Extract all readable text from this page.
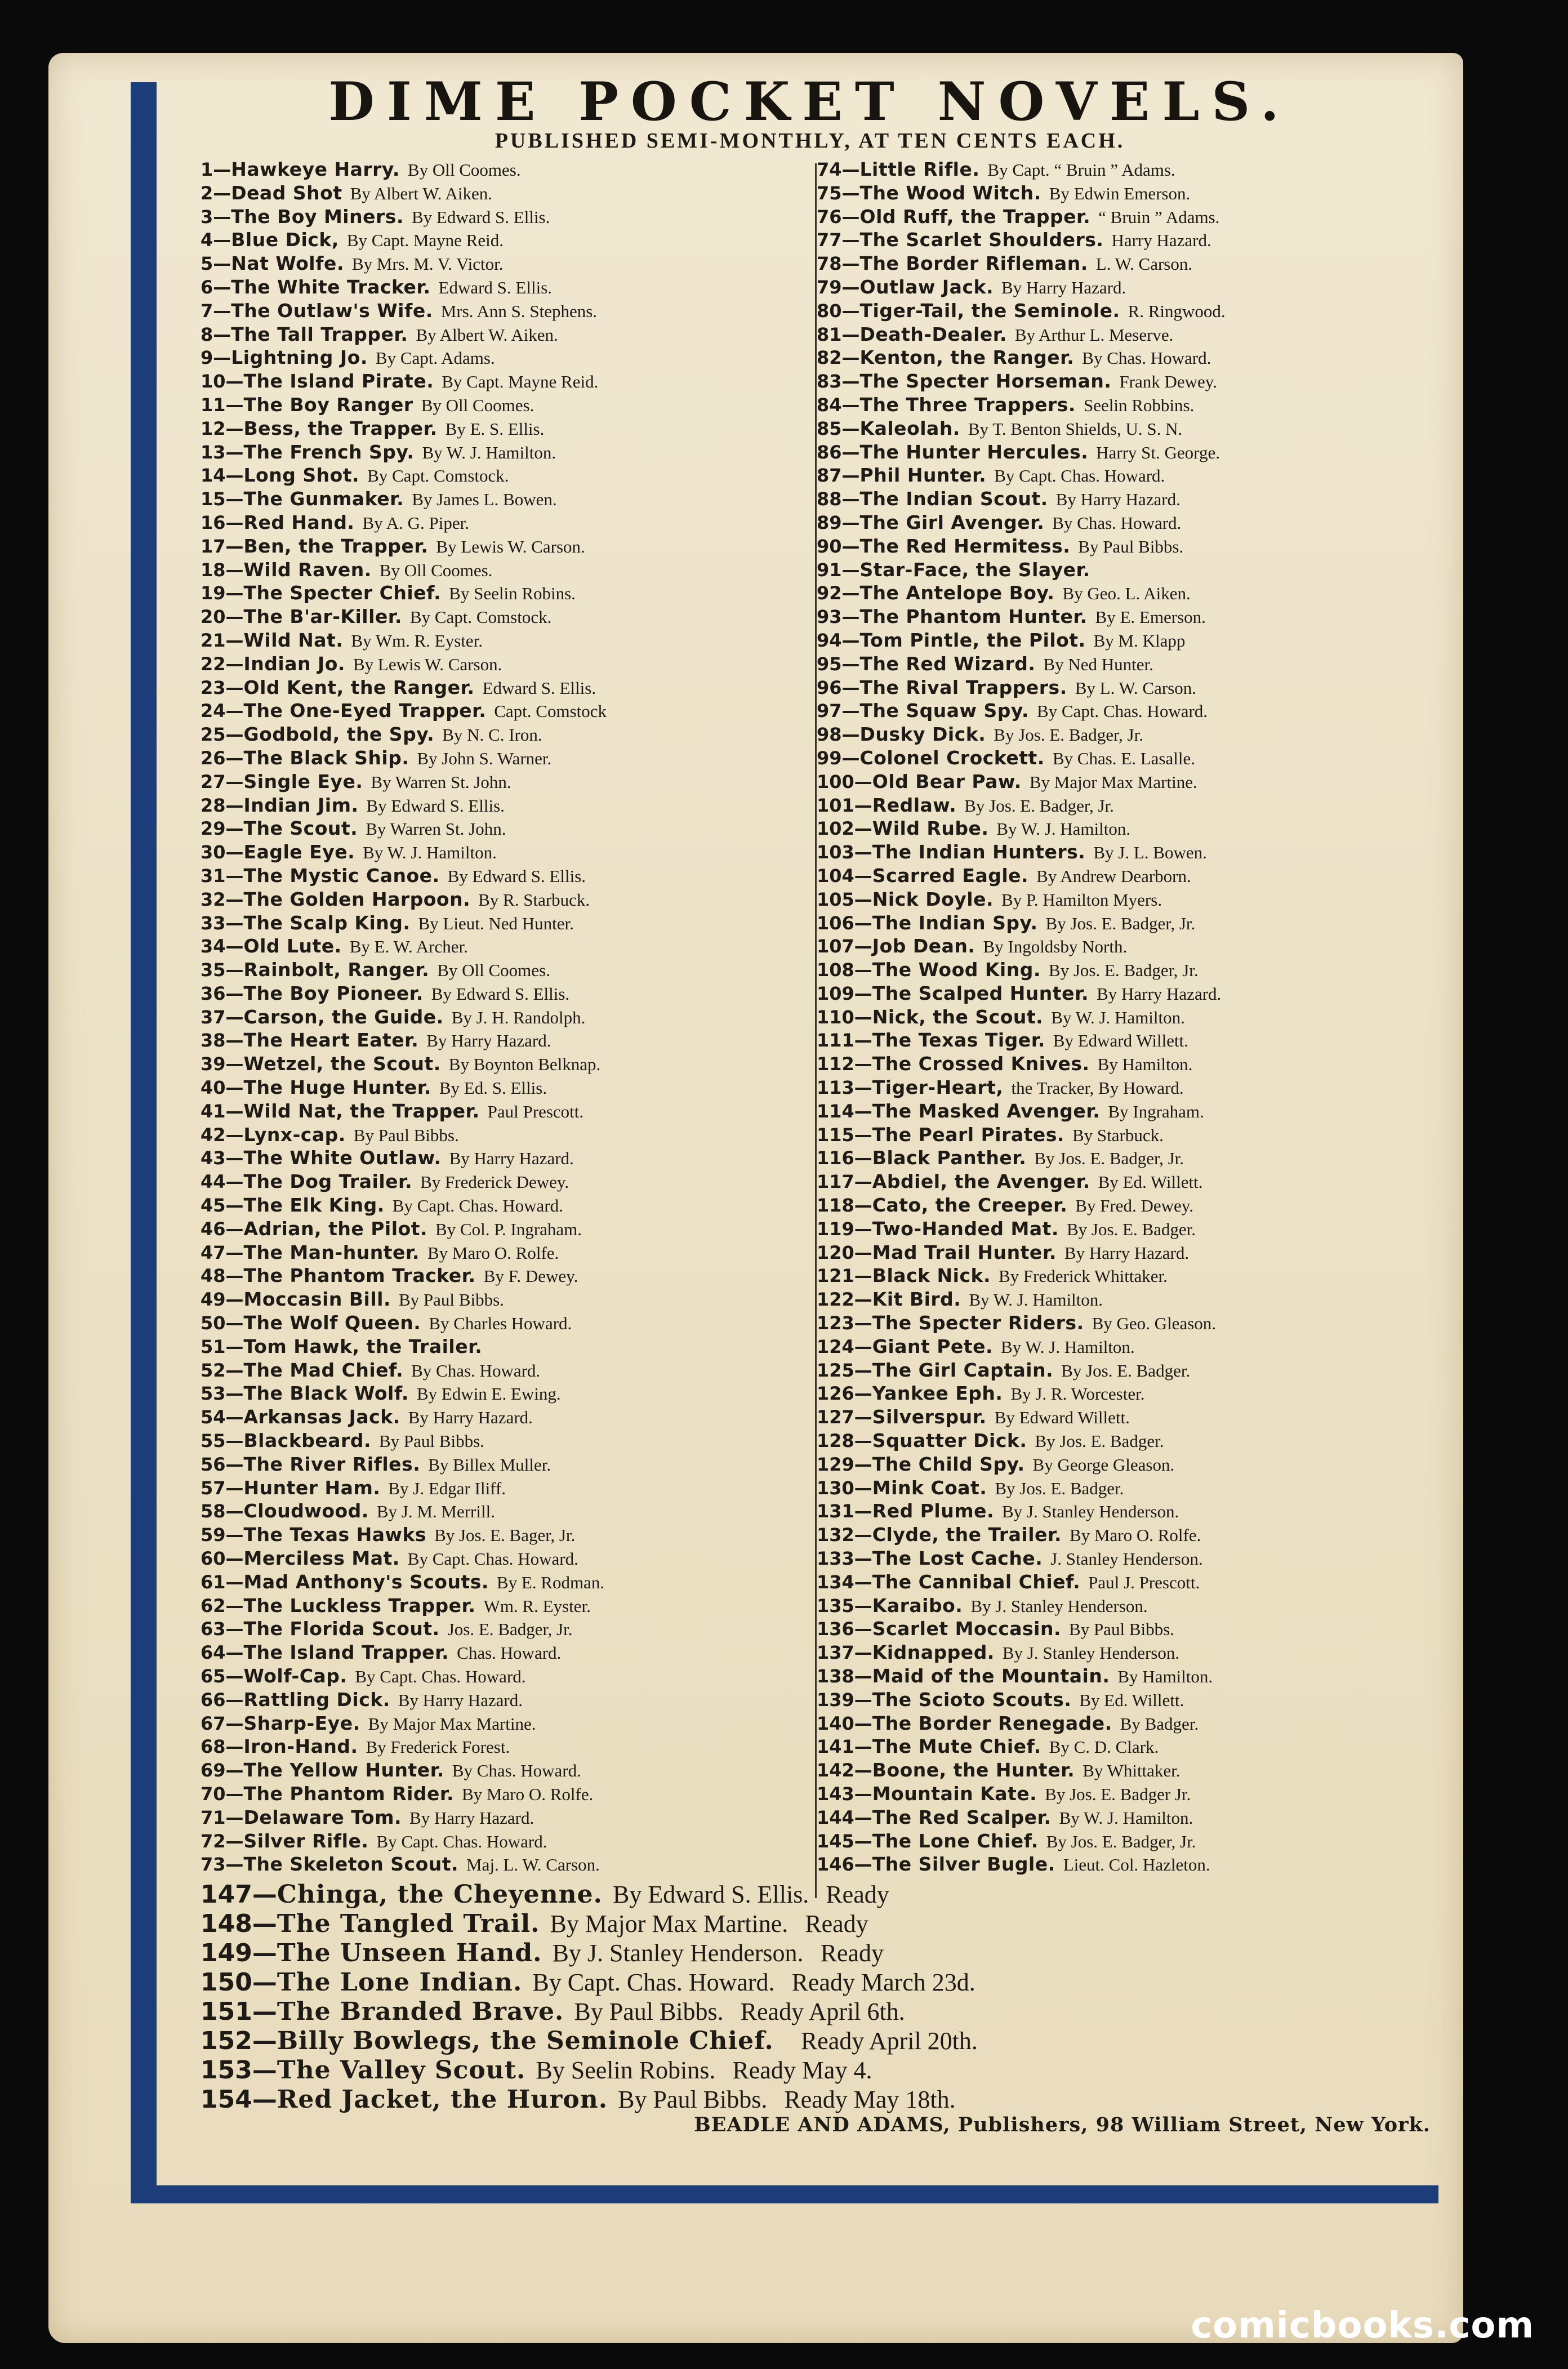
DIME POCKET NOVELS.
PUBLISHED SEMI-MONTHLY, AT TEN CENTS EACH.
1—Hawkeye Harry. By Oll Coomes.
2—Dead Shot By Albert W. Aiken.
3—The Boy Miners. By Edward S. Ellis.
4—Blue Dick, By Capt. Mayne Reid.
5—Nat Wolfe. By Mrs. M. V. Victor.
6—The White Tracker. Edward S. Ellis.
7—The Outlaw's Wife. Mrs. Ann S. Stephens.
8—The Tall Trapper. By Albert W. Aiken.
9—Lightning Jo. By Capt. Adams.
10—The Island Pirate. By Capt. Mayne Reid.
11—The Boy Ranger By Oll Coomes.
12—Bess, the Trapper. By E. S. Ellis.
13—The French Spy. By W. J. Hamilton.
14—Long Shot. By Capt. Comstock.
15—The Gunmaker. By James L. Bowen.
16—Red Hand. By A. G. Piper.
17—Ben, the Trapper. By Lewis W. Carson.
18—Wild Raven. By Oll Coomes.
19—The Specter Chief. By Seelin Robins.
20—The B'ar-Killer. By Capt. Comstock.
21—Wild Nat. By Wm. R. Eyster.
22—Indian Jo. By Lewis W. Carson.
23—Old Kent, the Ranger. Edward S. Ellis.
24—The One-Eyed Trapper. Capt. Comstock
25—Godbold, the Spy. By N. C. Iron.
26—The Black Ship. By John S. Warner.
27—Single Eye. By Warren St. John.
28—Indian Jim. By Edward S. Ellis.
29—The Scout. By Warren St. John.
30—Eagle Eye. By W. J. Hamilton.
31—The Mystic Canoe. By Edward S. Ellis.
32—The Golden Harpoon. By R. Starbuck.
33—The Scalp King. By Lieut. Ned Hunter.
34—Old Lute. By E. W. Archer.
35—Rainbolt, Ranger. By Oll Coomes.
36—The Boy Pioneer. By Edward S. Ellis.
37—Carson, the Guide. By J. H. Randolph.
38—The Heart Eater. By Harry Hazard.
39—Wetzel, the Scout. By Boynton Belknap.
40—The Huge Hunter. By Ed. S. Ellis.
41—Wild Nat, the Trapper. Paul Prescott.
42—Lynx-cap. By Paul Bibbs.
43—The White Outlaw. By Harry Hazard.
44—The Dog Trailer. By Frederick Dewey.
45—The Elk King. By Capt. Chas. Howard.
46—Adrian, the Pilot. By Col. P. Ingraham.
47—The Man-hunter. By Maro O. Rolfe.
48—The Phantom Tracker. By F. Dewey.
49—Moccasin Bill. By Paul Bibbs.
50—The Wolf Queen. By Charles Howard.
51—Tom Hawk, the Trailer.
52—The Mad Chief. By Chas. Howard.
53—The Black Wolf. By Edwin E. Ewing.
54—Arkansas Jack. By Harry Hazard.
55—Blackbeard. By Paul Bibbs.
56—The River Rifles. By Billex Muller.
57—Hunter Ham. By J. Edgar Iliff.
58—Cloudwood. By J. M. Merrill.
59—The Texas Hawks By Jos. E. Bager, Jr.
60—Merciless Mat. By Capt. Chas. Howard.
61—Mad Anthony's Scouts. By E. Rodman.
62—The Luckless Trapper. Wm. R. Eyster.
63—The Florida Scout. Jos. E. Badger, Jr.
64—The Island Trapper. Chas. Howard.
65—Wolf-Cap. By Capt. Chas. Howard.
66—Rattling Dick. By Harry Hazard.
67—Sharp-Eye. By Major Max Martine.
68—Iron-Hand. By Frederick Forest.
69—The Yellow Hunter. By Chas. Howard.
70—The Phantom Rider. By Maro O. Rolfe.
71—Delaware Tom. By Harry Hazard.
72—Silver Rifle. By Capt. Chas. Howard.
73—The Skeleton Scout. Maj. L. W. Carson.
74—Little Rifle. By Capt. “ Bruin ” Adams.
75—The Wood Witch. By Edwin Emerson.
76—Old Ruff, the Trapper. “ Bruin ” Adams.
77—The Scarlet Shoulders. Harry Hazard.
78—The Border Rifleman. L. W. Carson.
79—Outlaw Jack. By Harry Hazard.
80—Tiger-Tail, the Seminole. R. Ringwood.
81—Death-Dealer. By Arthur L. Meserve.
82—Kenton, the Ranger. By Chas. Howard.
83—The Specter Horseman. Frank Dewey.
84—The Three Trappers. Seelin Robbins.
85—Kaleolah. By T. Benton Shields, U. S. N.
86—The Hunter Hercules. Harry St. George.
87—Phil Hunter. By Capt. Chas. Howard.
88—The Indian Scout. By Harry Hazard.
89—The Girl Avenger. By Chas. Howard.
90—The Red Hermitess. By Paul Bibbs.
91—Star-Face, the Slayer.
92—The Antelope Boy. By Geo. L. Aiken.
93—The Phantom Hunter. By E. Emerson.
94—Tom Pintle, the Pilot. By M. Klapp
95—The Red Wizard. By Ned Hunter.
96—The Rival Trappers. By L. W. Carson.
97—The Squaw Spy. By Capt. Chas. Howard.
98—Dusky Dick. By Jos. E. Badger, Jr.
99—Colonel Crockett. By Chas. E. Lasalle.
100—Old Bear Paw. By Major Max Martine.
101—Redlaw. By Jos. E. Badger, Jr.
102—Wild Rube. By W. J. Hamilton.
103—The Indian Hunters. By J. L. Bowen.
104—Scarred Eagle. By Andrew Dearborn.
105—Nick Doyle. By P. Hamilton Myers.
106—The Indian Spy. By Jos. E. Badger, Jr.
107—Job Dean. By Ingoldsby North.
108—The Wood King. By Jos. E. Badger, Jr.
109—The Scalped Hunter. By Harry Hazard.
110—Nick, the Scout. By W. J. Hamilton.
111—The Texas Tiger. By Edward Willett.
112—The Crossed Knives. By Hamilton.
113—Tiger-Heart, the Tracker, By Howard.
114—The Masked Avenger. By Ingraham.
115—The Pearl Pirates. By Starbuck.
116—Black Panther. By Jos. E. Badger, Jr.
117—Abdiel, the Avenger. By Ed. Willett.
118—Cato, the Creeper. By Fred. Dewey.
119—Two-Handed Mat. By Jos. E. Badger.
120—Mad Trail Hunter. By Harry Hazard.
121—Black Nick. By Frederick Whittaker.
122—Kit Bird. By W. J. Hamilton.
123—The Specter Riders. By Geo. Gleason.
124—Giant Pete. By W. J. Hamilton.
125—The Girl Captain. By Jos. E. Badger.
126—Yankee Eph. By J. R. Worcester.
127—Silverspur. By Edward Willett.
128—Squatter Dick. By Jos. E. Badger.
129—The Child Spy. By George Gleason.
130—Mink Coat. By Jos. E. Badger.
131—Red Plume. By J. Stanley Henderson.
132—Clyde, the Trailer. By Maro O. Rolfe.
133—The Lost Cache. J. Stanley Henderson.
134—The Cannibal Chief. Paul J. Prescott.
135—Karaibo. By J. Stanley Henderson.
136—Scarlet Moccasin. By Paul Bibbs.
137—Kidnapped. By J. Stanley Henderson.
138—Maid of the Mountain. By Hamilton.
139—The Scioto Scouts. By Ed. Willett.
140—The Border Renegade. By Badger.
141—The Mute Chief. By C. D. Clark.
142—Boone, the Hunter. By Whittaker.
143—Mountain Kate. By Jos. E. Badger Jr.
144—The Red Scalper. By W. J. Hamilton.
145—The Lone Chief. By Jos. E. Badger, Jr.
146—The Silver Bugle. Lieut. Col. Hazleton.
147—Chinga, the Cheyenne. By Edward S. Ellis. Ready
148—The Tangled Trail. By Major Max Martine. Ready
149—The Unseen Hand. By J. Stanley Henderson. Ready
150—The Lone Indian. By Capt. Chas. Howard. Ready March 23d.
151—The Branded Brave. By Paul Bibbs. Ready April 6th.
152—Billy Bowlegs, the Seminole Chief. Ready April 20th.
153—The Valley Scout. By Seelin Robins. Ready May 4.
154—Red Jacket, the Huron. By Paul Bibbs. Ready May 18th.
BEADLE AND ADAMS, Publishers, 98 William Street, New York.
comicbooks.com
